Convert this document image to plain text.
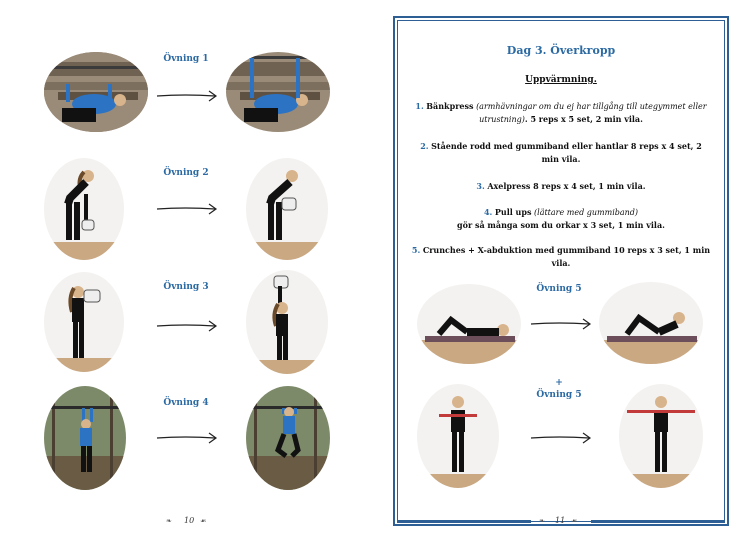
Övning 1
Övning 2
Övning 3
Övning 4
❧ 10 ☙
Dag 3. Överkropp
Uppvärmning.
1. Bänkpress (armhävningar om du ej har tillgång till utegymmet eller utrustning). 5 reps x 5 set, 2 min vila.
2. Stående rodd med gummiband eller hantlar 8 reps x 4 set, 2 min vila.
3. Axelpress 8 reps x 4 set, 1 min vila.
4. Pull ups (lättare med gummiband)
gör så många som du orkar x 3 set, 1 min vila.
5. Crunches + X-abduktion med gummiband 10 reps x 3 set, 1 min vila.
Övning 5
+
Övning 5
❧ 11 ☙
